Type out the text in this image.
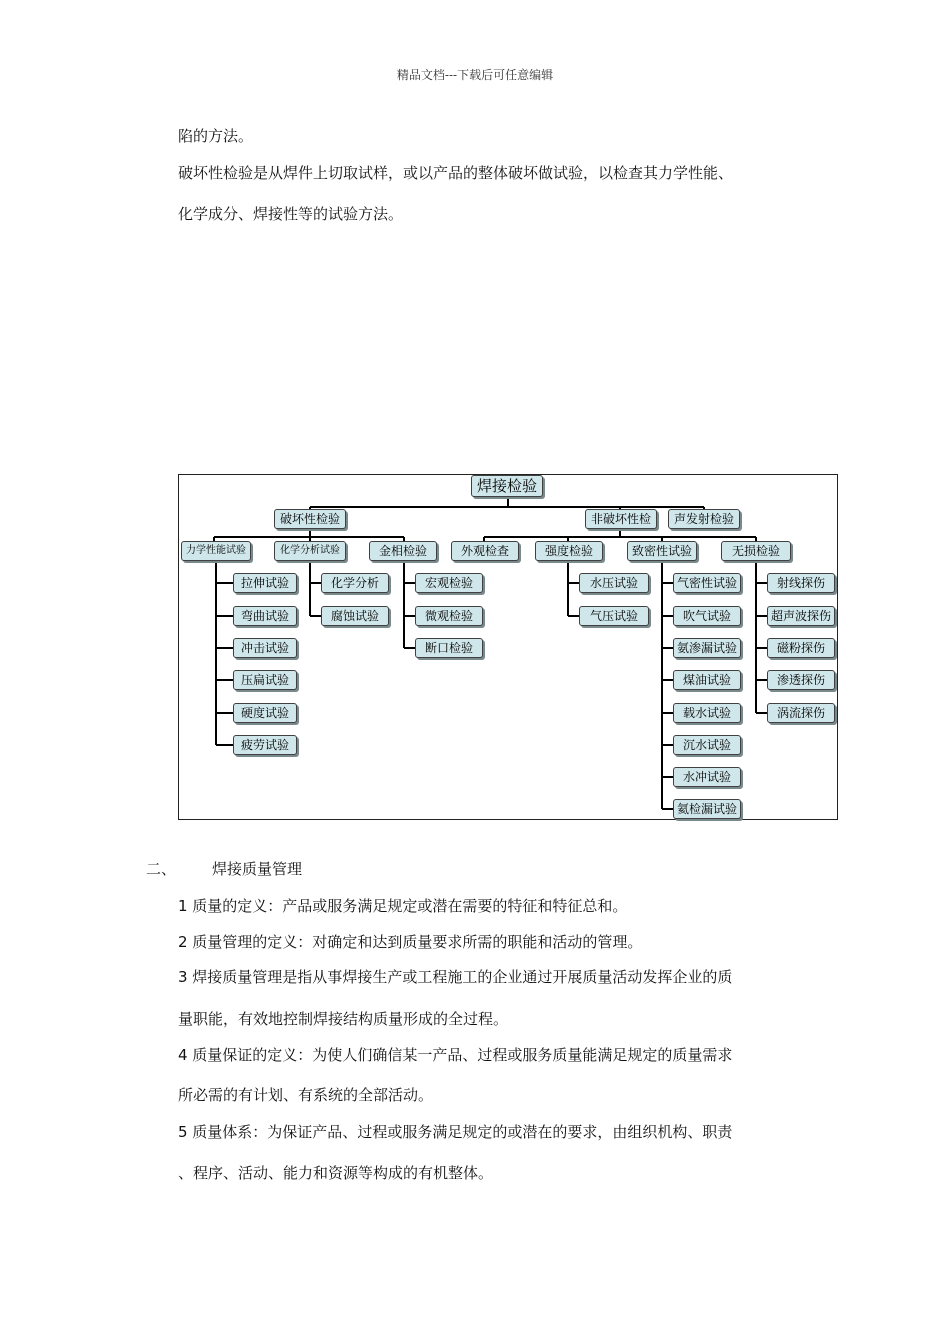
精品文档---下载后可任意编辑
陷的方法。
破坏性检验是从焊件上切取试样，或以产品的整体破坏做试验，以检查其力学性能、
化学成分、焊接性等的试验方法。
焊接检验
破坏性检验	非破坏性检	声发射检验
力学性能试验	化学分析试验	金相检验	外观检查	强度检验	致密性试验	无损检验
拉伸试验
弯曲试验
冲击试验
压扁试验
硬度试验
疲劳试验
化学分析
腐蚀试验
宏观检验
微观检验
断口检验
水压试验
气压试验
气密性试验
吹气试验
氨渗漏试验
煤油试验
载水试验
沉水试验
水冲试验
氦检漏试验
射线探伤
超声波探伤
磁粉探伤
渗透探伤
涡流探伤
二、 焊接质量管理
1 质量的定义：产品或服务满足规定或潜在需要的特征和特征总和。
2 质量管理的定义：对确定和达到质量要求所需的职能和活动的管理。
3 焊接质量管理是指从事焊接生产或工程施工的企业通过开展质量活动发挥企业的质
量职能，有效地控制焊接结构质量形成的全过程。
4 质量保证的定义：为使人们确信某一产品、过程或服务质量能满足规定的质量需求
所必需的有计划、有系统的全部活动。
5 质量体系：为保证产品、过程或服务满足规定的或潜在的要求，由组织机构、职责
、程序、活动、能力和资源等构成的有机整体。
